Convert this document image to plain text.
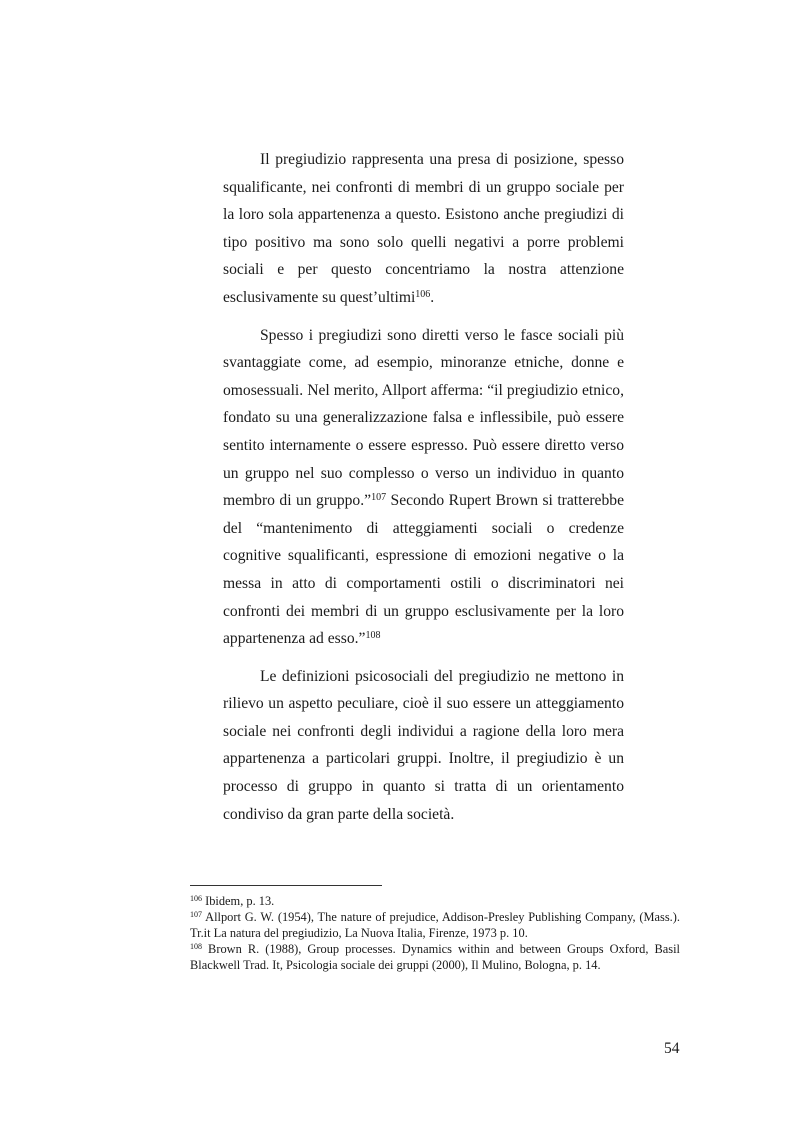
Il pregiudizio rappresenta una presa di posizione, spesso squalificante, nei confronti di membri di un gruppo sociale per la loro sola appartenenza a questo. Esistono anche pregiudizi di tipo positivo ma sono solo quelli negativi a porre problemi sociali e per questo concentriamo la nostra attenzione esclusivamente su quest’ultimi$^{106}$.

Spesso i pregiudizi sono diretti verso le fasce sociali più svantaggiate come, ad esempio, minoranze etniche, donne e omosessuali. Nel merito, Allport afferma: “il pregiudizio etnico, fondato su una generalizzazione falsa e inflessibile, può essere sentito internamente o essere espresso. Può essere diretto verso un gruppo nel suo complesso o verso un individuo in quanto membro di un gruppo.”$^{107}$ Secondo Rupert Brown si tratterebbe del “mantenimento di atteggiamenti sociali o credenze cognitive squalificanti, espressione di emozioni negative o la messa in atto di comportamenti ostili o discriminatori nei confronti dei membri di un gruppo esclusivamente per la loro appartenenza ad esso.”$^{108}$

Le definizioni psicosociali del pregiudizio ne mettono in rilievo un aspetto peculiare, cioè il suo essere un atteggiamento sociale nei confronti degli individui a ragione della loro mera appartenenza a particolari gruppi. Inoltre, il pregiudizio è un processo di gruppo in quanto si tratta di un orientamento condiviso da gran parte della società.

$^{106}$ Ibidem, p. 13.

$^{107}$ Allport G. W. (1954), The nature of prejudice, Addison-Presley Publishing Company, (Mass.). Tr.it La natura del pregiudizio, La Nuova Italia, Firenze, 1973 p. 10.

$^{108}$ Brown R. (1988), Group processes. Dynamics within and between Groups Oxford, Basil Blackwell Trad. It, Psicologia sociale dei gruppi (2000), Il Mulino, Bologna, p. 14.

54
